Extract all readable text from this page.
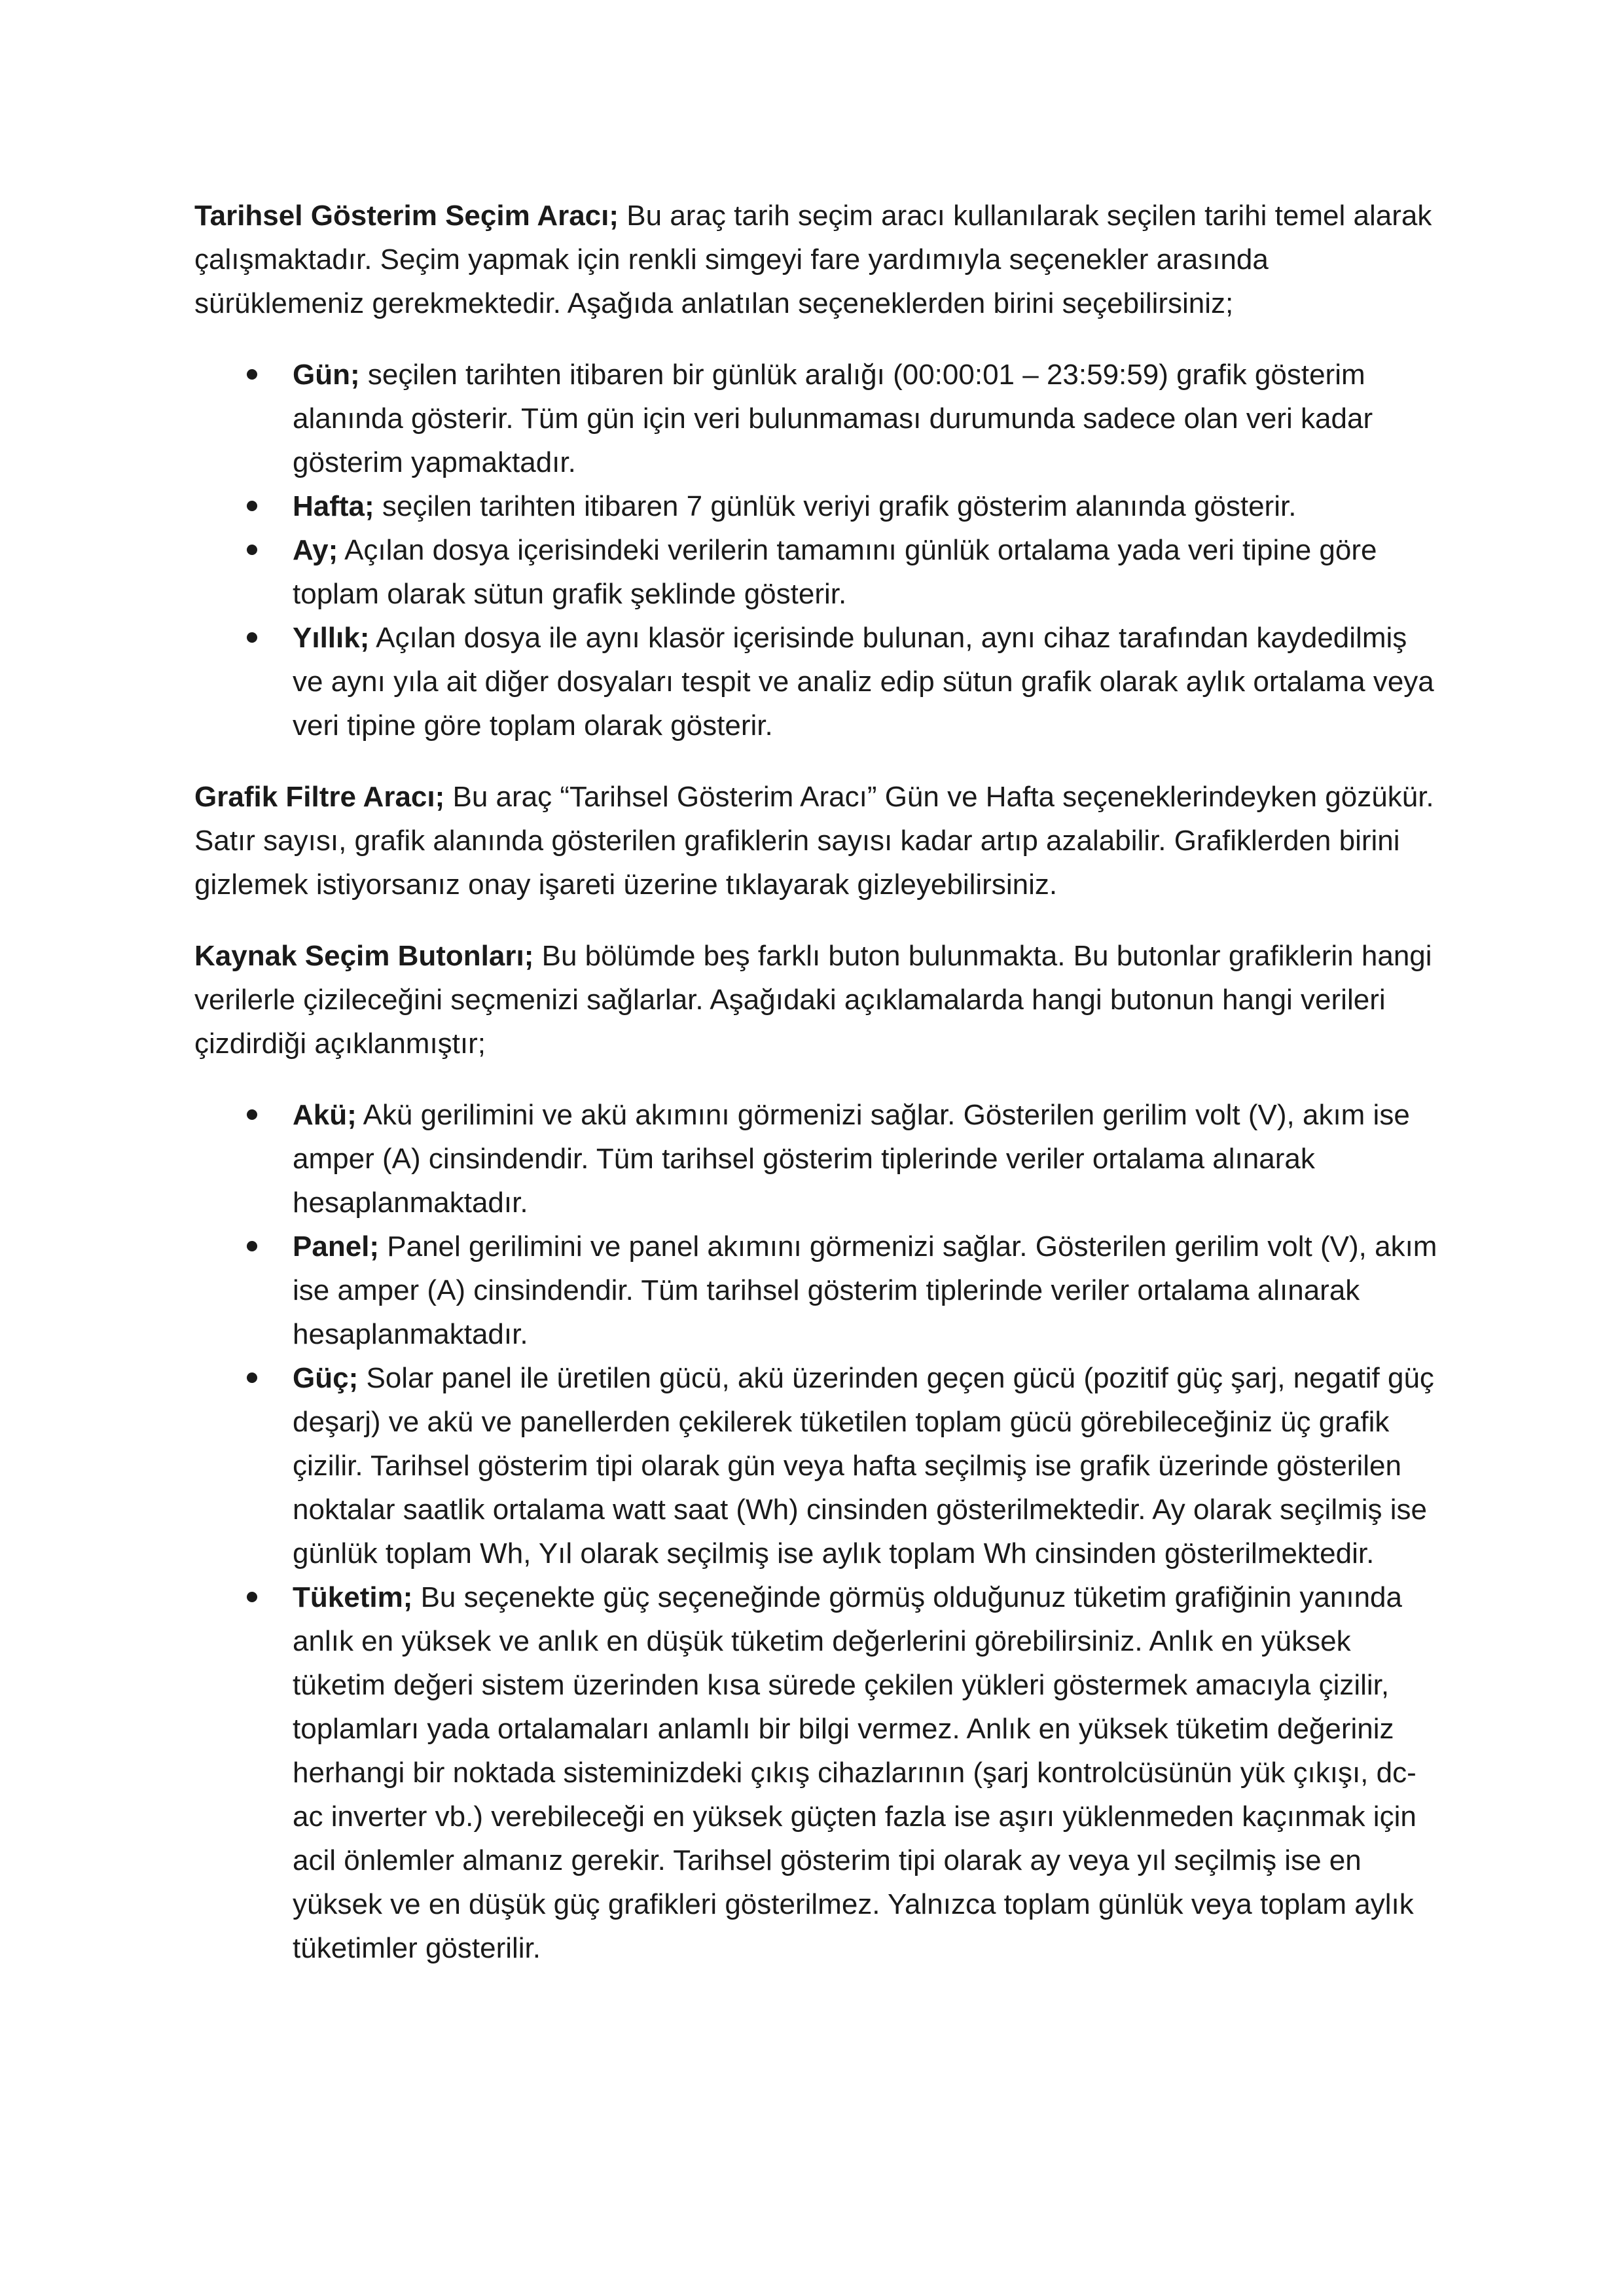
Tarihsel Gösterim Seçim Aracı; Bu araç tarih seçim aracı kullanılarak seçilen tarihi temel alarak çalışmaktadır. Seçim yapmak için renkli simgeyi fare yardımıyla seçenekler arasında sürüklemeniz gerekmektedir. Aşağıda anlatılan seçeneklerden birini seçebilirsiniz;

Gün; seçilen tarihten itibaren bir günlük aralığı (00:00:01 – 23:59:59) grafik gösterim alanında gösterir. Tüm gün için veri bulunmaması durumunda sadece olan veri kadar gösterim yapmaktadır.
Hafta; seçilen tarihten itibaren 7 günlük veriyi grafik gösterim alanında gösterir.
Ay; Açılan dosya içerisindeki verilerin tamamını günlük ortalama yada veri tipine göre toplam olarak sütun grafik şeklinde gösterir.
Yıllık; Açılan dosya ile aynı klasör içerisinde bulunan, aynı cihaz tarafından kaydedilmiş ve aynı yıla ait diğer dosyaları tespit ve analiz edip sütun grafik olarak aylık ortalama veya veri tipine göre toplam olarak gösterir.

Grafik Filtre Aracı; Bu araç “Tarihsel Gösterim Aracı” Gün ve Hafta seçeneklerindeyken gözükür. Satır sayısı, grafik alanında gösterilen grafiklerin sayısı kadar artıp azalabilir. Grafiklerden birini gizlemek istiyorsanız onay işareti üzerine tıklayarak gizleyebilirsiniz.

Kaynak Seçim Butonları; Bu bölümde beş farklı buton bulunmakta. Bu butonlar grafiklerin hangi verilerle çizileceğini seçmenizi sağlarlar. Aşağıdaki açıklamalarda hangi butonun hangi verileri çizdirdiği açıklanmıştır;

Akü; Akü gerilimini ve akü akımını görmenizi sağlar. Gösterilen gerilim volt (V), akım ise amper (A) cinsindendir. Tüm tarihsel gösterim tiplerinde veriler ortalama alınarak hesaplanmaktadır.
Panel; Panel gerilimini ve panel akımını görmenizi sağlar. Gösterilen gerilim volt (V), akım ise amper (A) cinsindendir. Tüm tarihsel gösterim tiplerinde veriler ortalama alınarak hesaplanmaktadır.
Güç; Solar panel ile üretilen gücü, akü üzerinden geçen gücü (pozitif güç şarj, negatif güç deşarj) ve akü ve panellerden çekilerek tüketilen toplam gücü görebileceğiniz üç grafik çizilir. Tarihsel gösterim tipi olarak gün veya hafta seçilmiş ise grafik üzerinde gösterilen noktalar saatlik ortalama watt saat (Wh) cinsinden gösterilmektedir. Ay olarak seçilmiş ise günlük toplam Wh, Yıl olarak seçilmiş ise aylık toplam Wh cinsinden gösterilmektedir.
Tüketim; Bu seçenekte güç seçeneğinde görmüş olduğunuz tüketim grafiğinin yanında anlık en yüksek ve anlık en düşük tüketim değerlerini görebilirsiniz. Anlık en yüksek tüketim değeri sistem üzerinden kısa sürede çekilen yükleri göstermek amacıyla çizilir, toplamları yada ortalamaları anlamlı bir bilgi vermez. Anlık en yüksek tüketim değeriniz herhangi bir noktada sisteminizdeki çıkış cihazlarının (şarj kontrolcüsünün yük çıkışı, dc-ac inverter vb.) verebileceği en yüksek güçten fazla ise aşırı yüklenmeden kaçınmak için acil önlemler almanız gerekir. Tarihsel gösterim tipi olarak ay veya yıl seçilmiş ise en yüksek ve en düşük güç grafikleri gösterilmez. Yalnızca toplam günlük veya toplam aylık tüketimler gösterilir.
